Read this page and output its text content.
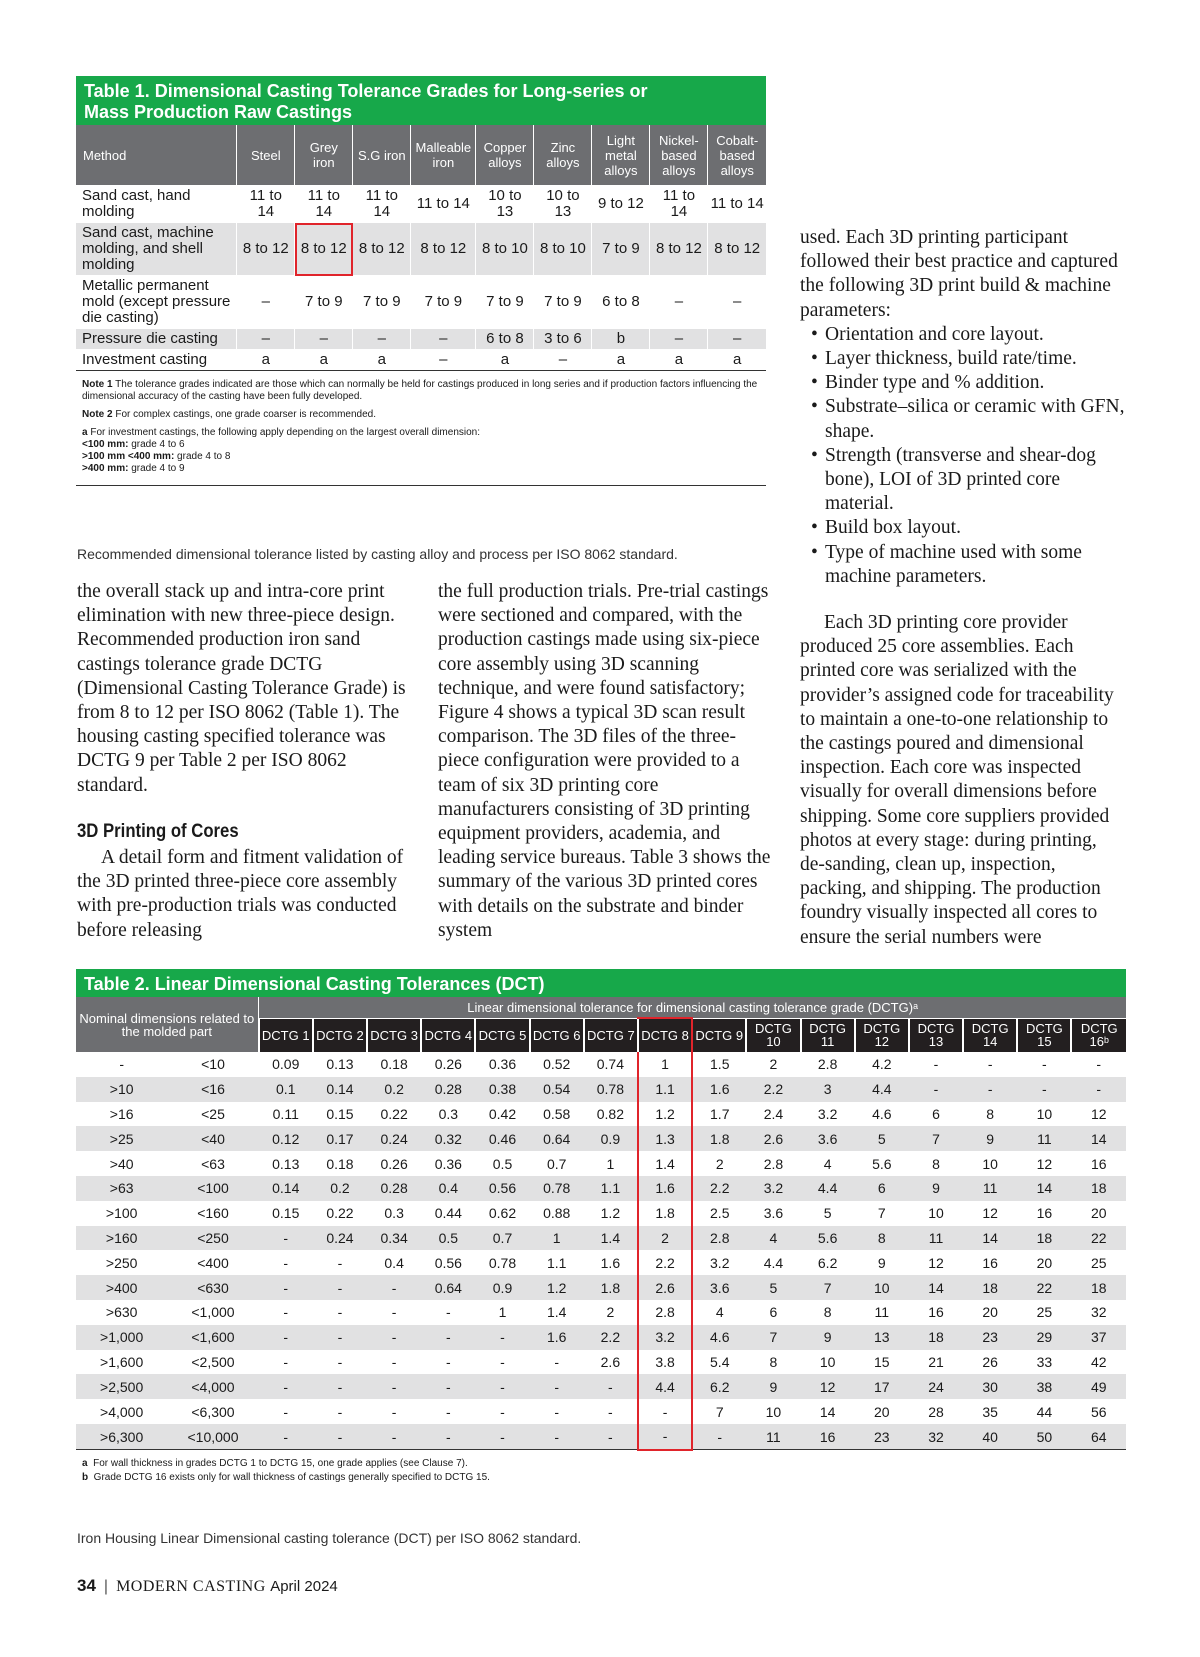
Table 1. Dimensional Casting Tolerance Grades for Long-series or
Mass Production Raw Castings
Method	Steel	Grey iron	S.G iron	Malleable iron	Copper alloys	Zinc alloys	Light metal alloys	Nickel-based alloys	Cobalt-based alloys
Sand cast, hand molding	11 to 14	11 to 14	11 to 14	11 to 14	10 to 13	10 to 13	9 to 12	11 to 14	11 to 14
Sand cast, machine molding, and shell molding	8 to 12	8 to 12	8 to 12	8 to 12	8 to 10	8 to 10	7 to 9	8 to 12	8 to 12
Metallic permanent mold (except pressure die casting)	–	7 to 9	7 to 9	7 to 9	7 to 9	7 to 9	6 to 8	–	–
Pressure die casting	–	–	–	–	6 to 8	3 to 6	b	–	–
Investment casting	a	a	a	–	a	–	a	a	a

Note 1 The tolerance grades indicated are those which can normally be held for castings produced in long series and if production factors influencing the dimensional accuracy of the casting have been fully developed.

Note 2 For complex castings, one grade coarser is recommended.

a For investment castings, the following apply depending on the largest overall dimension:

<100 mm: grade 4 to 6
>100 mm <400 mm: grade 4 to 8
>400 mm: grade 4 to 9
Recommended dimensional tolerance listed by casting alloy and process per ISO 8062 standard.

the overall stack up and intra-core print elimination with new three-piece design. Recommended production iron sand castings tolerance grade DCTG (Dimensional Casting Tolerance Grade) is from 8 to 12 per ISO 8062 (Table 1). The housing casting specified tolerance was DCTG 9 per Table 2 per ISO 8062 standard.

3D Printing of Cores

A detail form and fitment validation of the 3D printed three-piece core assembly with pre-production trials was conducted before releasing

the full production trials. Pre-trial castings were sectioned and compared, with the production castings made using six-piece core assembly using 3D scanning technique, and were found satisfactory; Figure 4 shows a typical 3D scan result comparison. The 3D files of the three-piece configuration were provided to a team of six 3D printing core manufacturers consisting of 3D printing equipment providers, academia, and leading service bureaus. Table 3 shows the summary of the various 3D printed cores with details on the substrate and binder system

used. Each 3D printing participant followed their best practice and captured the following 3D print build & machine parameters:

• Orientation and core layout.
• Layer thickness, build rate/time.
• Binder type and % addition.
• Substrate–silica or ceramic with GFN, shape.
• Strength (transverse and shear-dog bone), LOI of 3D printed core material.
• Build box layout.
• Type of machine used with some machine parameters.

Each 3D printing core provider produced 25 core assemblies. Each printed core was serialized with the provider’s assigned code for traceability to maintain a one-to-one relationship to the castings poured and dimensional inspection. Each core was inspected visually for overall dimensions before shipping. Some core suppliers provided photos at every stage: during printing, de-sanding, clean up, inspection, packing, and shipping. The production foundry visually inspected all cores to ensure the serial numbers were

Table 2. Linear Dimensional Casting Tolerances (DCT)
Nominal dimensions related to the molded part		Linear dimensional tolerance for dimensional casting tolerance grade (DCTG)ᵃ															
		DCTG 1	DCTG 2	DCTG 3	DCTG 4	DCTG 5	DCTG 6	DCTG 7	DCTG 8	DCTG 9	DCTG 10	DCTG 11	DCTG 12	DCTG 13	DCTG 14	DCTG 15	DCTG 16ᵇ
-	<10	0.09	0.13	0.18	0.26	0.36	0.52	0.74	1	1.5	2	2.8	4.2	-	-	-	-
>10	<16	0.1	0.14	0.2	0.28	0.38	0.54	0.78	1.1	1.6	2.2	3	4.4	-	-	-	-
>16	<25	0.11	0.15	0.22	0.3	0.42	0.58	0.82	1.2	1.7	2.4	3.2	4.6	6	8	10	12
>25	<40	0.12	0.17	0.24	0.32	0.46	0.64	0.9	1.3	1.8	2.6	3.6	5	7	9	11	14
>40	<63	0.13	0.18	0.26	0.36	0.5	0.7	1	1.4	2	2.8	4	5.6	8	10	12	16
>63	<100	0.14	0.2	0.28	0.4	0.56	0.78	1.1	1.6	2.2	3.2	4.4	6	9	11	14	18
>100	<160	0.15	0.22	0.3	0.44	0.62	0.88	1.2	1.8	2.5	3.6	5	7	10	12	16	20
>160	<250	-	0.24	0.34	0.5	0.7	1	1.4	2	2.8	4	5.6	8	11	14	18	22
>250	<400	-	-	0.4	0.56	0.78	1.1	1.6	2.2	3.2	4.4	6.2	9	12	16	20	25
>400	<630	-	-	-	0.64	0.9	1.2	1.8	2.6	3.6	5	7	10	14	18	22	18
>630	<1,000	-	-	-	-	1	1.4	2	2.8	4	6	8	11	16	20	25	32
>1,000	<1,600	-	-	-	-	-	1.6	2.2	3.2	4.6	7	9	13	18	23	29	37
>1,600	<2,500	-	-	-	-	-	-	2.6	3.8	5.4	8	10	15	21	26	33	42
>2,500	<4,000	-	-	-	-	-	-	-	4.4	6.2	9	12	17	24	30	38	49
>4,000	<6,300	-	-	-	-	-	-	-	-	7	10	14	20	28	35	44	56
>6,300	<10,000	-	-	-	-	-	-	-	-	-	11	16	23	32	40	50	64

a For wall thickness in grades DCTG 1 to DCTG 15, one grade applies (see Clause 7).

b Grade DCTG 16 exists only for wall thickness of castings generally specified to DCTG 15.

Iron Housing Linear Dimensional casting tolerance (DCT) per ISO 8062 standard.
34 | MODERN CASTING April 2024
